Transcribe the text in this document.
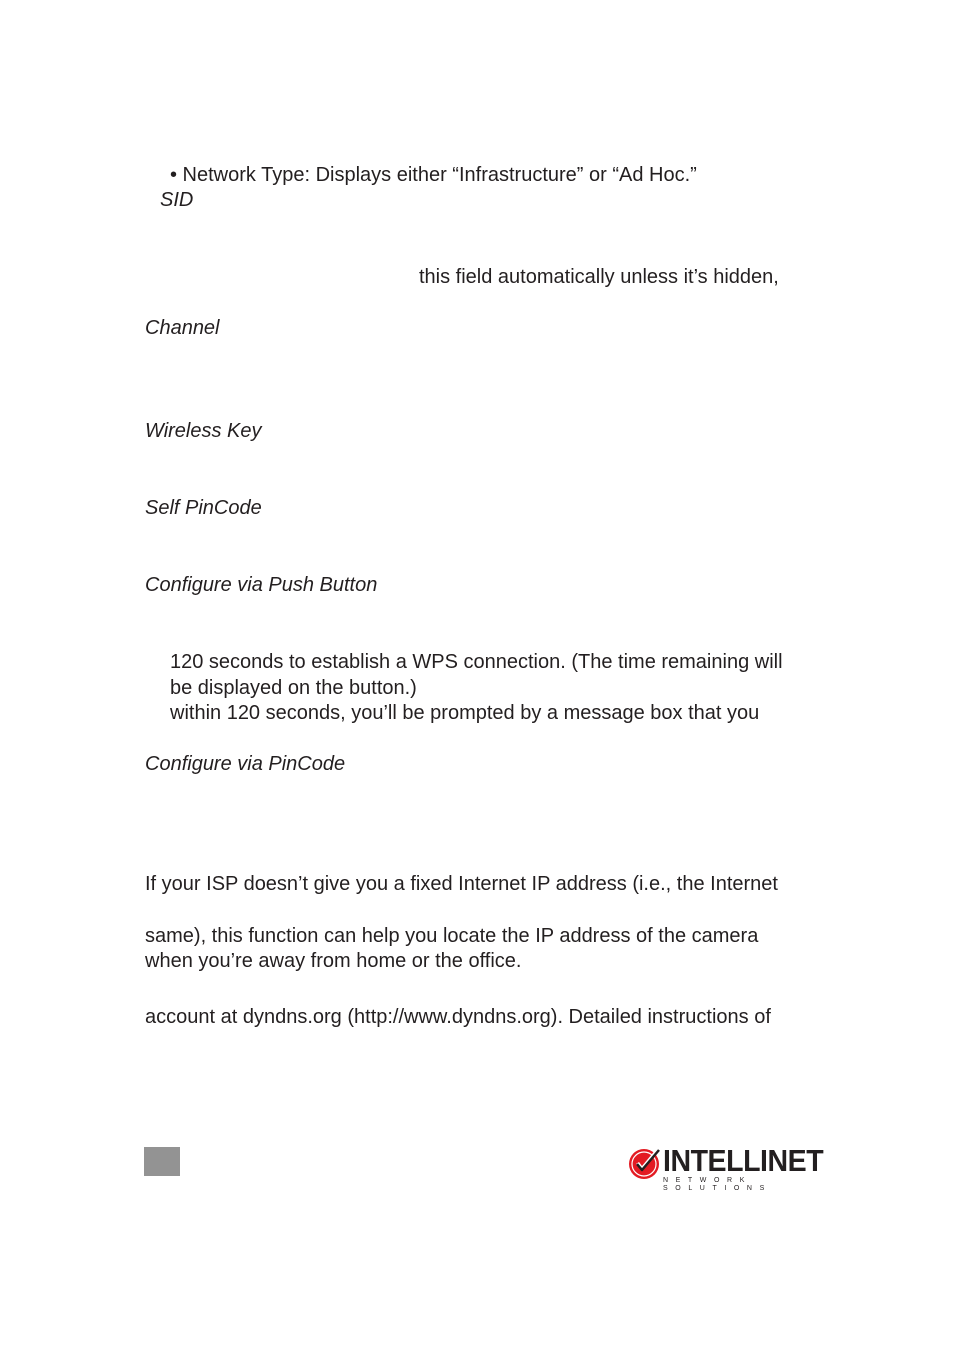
• Network Type: Displays either “Infrastructure” or “Ad Hoc.”
SID
this field automatically unless it’s hidden,
Channel
Wireless Key
Self PinCode
Configure via Push Button
120 seconds to establish a WPS connection. (The time remaining will
be displayed on the button.)
within 120 seconds, you’ll be prompted by a message box that you
Configure via PinCode
If your ISP doesn’t give you a fixed Internet IP address (i.e., the Internet
same), this function can help you locate the IP address of the camera
when you’re away from home or the office.
account at dyndns.org (http://www.dyndns.org). Detailed instructions of
INTELLINET
NETWORK SOLUTIONS
